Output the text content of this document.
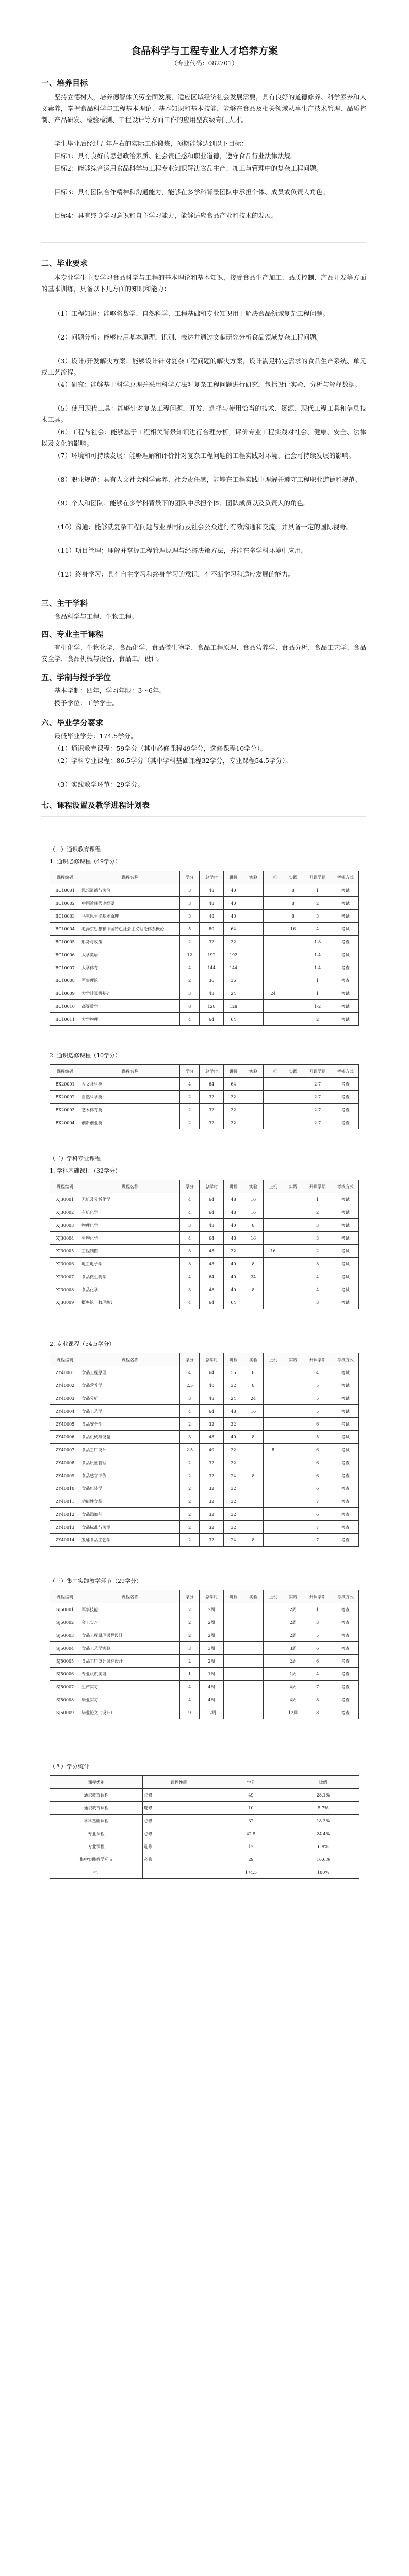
食品科学与工程专业人才培养方案
（专业代码：082701）
一、培养目标
坚持立德树人，培养德智体美劳全面发展，适应区域经济社会发展需要，具有良好的道德修养、科学素养和人文素养，掌握食品科学与工程基本理论、基本知识和基本技能，能够在食品及相关领域从事生产技术管理、品质控制、产品研发、检验检测、工程设计等方面工作的应用型高级专门人才。
学生毕业后经过五年左右的实际工作锻炼，预期能够达到以下目标：
目标1：具有良好的思想政治素质、社会责任感和职业道德，遵守食品行业法律法规。
目标2：能够综合运用食品科学与工程专业知识解决食品生产、加工与管理中的复杂工程问题。
目标3：具有团队合作精神和沟通能力，能够在多学科背景团队中承担个体、成员或负责人角色。
目标4：具有终身学习意识和自主学习能力，能够适应食品产业和技术的发展。
二、毕业要求
本专业学生主要学习食品科学与工程的基本理论和基本知识，接受食品生产加工、品质控制、产品开发等方面的基本训练，具备以下几方面的知识和能力：
（1）工程知识：能够将数学、自然科学、工程基础和专业知识用于解决食品领域复杂工程问题。
（2）问题分析：能够应用基本原理，识别、表达并通过文献研究分析食品领域复杂工程问题。
（3）设计/开发解决方案：能够设计针对复杂工程问题的解决方案，设计满足特定需求的食品生产系统、单元或工艺流程。
（4）研究：能够基于科学原理并采用科学方法对复杂工程问题进行研究，包括设计实验、分析与解释数据。
（5）使用现代工具：能够针对复杂工程问题，开发、选择与使用恰当的技术、资源、现代工程工具和信息技术工具。
（6）工程与社会：能够基于工程相关背景知识进行合理分析，评价专业工程实践对社会、健康、安全、法律以及文化的影响。
（7）环境和可持续发展：能够理解和评价针对复杂工程问题的工程实践对环境、社会可持续发展的影响。
（8）职业规范：具有人文社会科学素养、社会责任感，能够在工程实践中理解并遵守工程职业道德和规范。
（9）个人和团队：能够在多学科背景下的团队中承担个体、团队成员以及负责人的角色。
（10）沟通：能够就复杂工程问题与业界同行及社会公众进行有效沟通和交流，并具备一定的国际视野。
（11）项目管理：理解并掌握工程管理原理与经济决策方法，并能在多学科环境中应用。
（12）终身学习：具有自主学习和终身学习的意识，有不断学习和适应发展的能力。
三、主干学科
食品科学与工程、生物工程。
四、专业主干课程
有机化学、生物化学、食品化学、食品微生物学、食品工程原理、食品营养学、食品分析、食品工艺学、食品安全学、食品机械与设备、食品工厂设计。
五、学制与授予学位
基本学制：四年，学习年限：3～6年。
授予学位：工学学士。
六、毕业学分要求
最低毕业学分：174.5学分。
（1）通识教育课程：59学分（其中必修课程49学分，选修课程10学分）。
（2）学科专业课程：86.5学分（其中学科基础课程32学分，专业课程54.5学分）。
（3）实践教学环节：29学分。
七、课程设置及教学进程计划表
（一）通识教育课程
1. 通识必修课程（49学分）
课程编码	课程名称	学分	总学时	讲授	实验	上机	实践	开课学期	考核方式
BC10001	思想道德与法治	3	48	40			8	1	考试
BC10002	中国近现代史纲要	3	48	40			8	2	考试
BC10003	马克思主义基本原理	3	48	40			8	3	考试
BC10004	毛泽东思想和中国特色社会主义理论体系概论	5	80	64			16	4	考试
BC10005	形势与政策	2	32	32				1-8	考查
BC10006	大学英语	12	192	192				1-4	考试
BC10007	大学体育	4	144	144				1-4	考查
BC10008	军事理论	2	36	36				1	考查
BC10009	大学计算机基础	3	48	24		24		1	考试
BC10010	高等数学	8	128	128				1-2	考试
BC10011	大学物理	4	64	64				2	考试
2. 通识选修课程（10学分）
课程编码	课程名称	学分	总学时	讲授	实验	上机	实践	开课学期	考核方式
BX20001	人文社科类	4	64	64				2-7	考查
BX20002	自然科学类	2	32	32				2-7	考查
BX20003	艺术体育类	2	32	32				2-7	考查
BX20004	创新创业类	2	32	32				2-7	考查
（二）学科专业课程
1. 学科基础课程（32学分）
课程编码	课程名称	学分	总学时	讲授	实验	上机	实践	开课学期	考核方式
XJ30001	无机及分析化学	4	64	48	16			1	考试
XJ30002	有机化学	4	64	48	16			2	考试
XJ30003	物理化学	3	48	40	8			3	考试
XJ30004	生物化学	4	64	48	16			3	考试
XJ30005	工程制图	3	48	32		16		2	考试
XJ30006	电工电子学	3	48	40	8			3	考试
XJ30007	食品微生物学	4	64	40	24			4	考试
XJ30008	食品化学	3	48	40	8			4	考试
XJ30009	概率论与数理统计	4	64	64				3	考试
2. 专业课程（54.5学分）
课程编码	课程名称	学分	总学时	讲授	实验	上机	实践	开课学期	考核方式
ZY40001	食品工程原理	4	64	56	8			4	考试
ZY40002	食品营养学	2.5	40	32	8			5	考试
ZY40003	食品分析	3	48	24	24			5	考试
ZY40004	食品工艺学	4	64	48	16			5	考试
ZY40005	食品安全学	2	32	32				6	考试
ZY40006	食品机械与设备	3	48	40	8			5	考试
ZY40007	食品工厂设计	2.5	40	32		8		6	考试
ZY40008	食品质量管理	2	32	32				6	考查
ZY40009	食品感官评价	2	32	24	8			6	考查
ZY40010	食品包装学	2	32	32				6	考查
ZY40011	功能性食品	2	32	32				7	考查
ZY40012	食品添加剂	2	32	32				6	考查
ZY40013	食品标准与法规	2	32	32				7	考查
ZY40014	发酵食品工艺学	2	32	24	8			7	考查
（三）集中实践教学环节（29学分）
课程编码	课程名称	学分	总学时	讲授	实验	上机	实践	开课学期	考核方式
SJ50001	军事技能	2	2周				2周	1	考查
SJ50002	金工实习	2	2周				2周	3	考查
SJ50003	食品工程原理课程设计	2	2周				2周	5	考查
SJ50004	食品工艺学实验	3	3周				3周	6	考查
SJ50005	食品工厂设计课程设计	2	2周				2周	6	考查
SJ50006	专业认识实习	1	1周				1周	4	考查
SJ50007	生产实习	4	4周				4周	7	考查
SJ50008	毕业实习	4	4周				4周	8	考查
SJ50009	毕业论文（设计）	9	12周				12周	8	考查
（四）学分统计
课程类别	课程性质	学分	比例
通识教育课程	必修	49	28.1%
通识教育课程	选修	10	5.7%
学科基础课程	必修	32	18.3%
专业课程	必修	42.5	24.4%
专业课程	选修	12	6.9%
集中实践教学环节	必修	29	16.6%
合计		174.5	100%
